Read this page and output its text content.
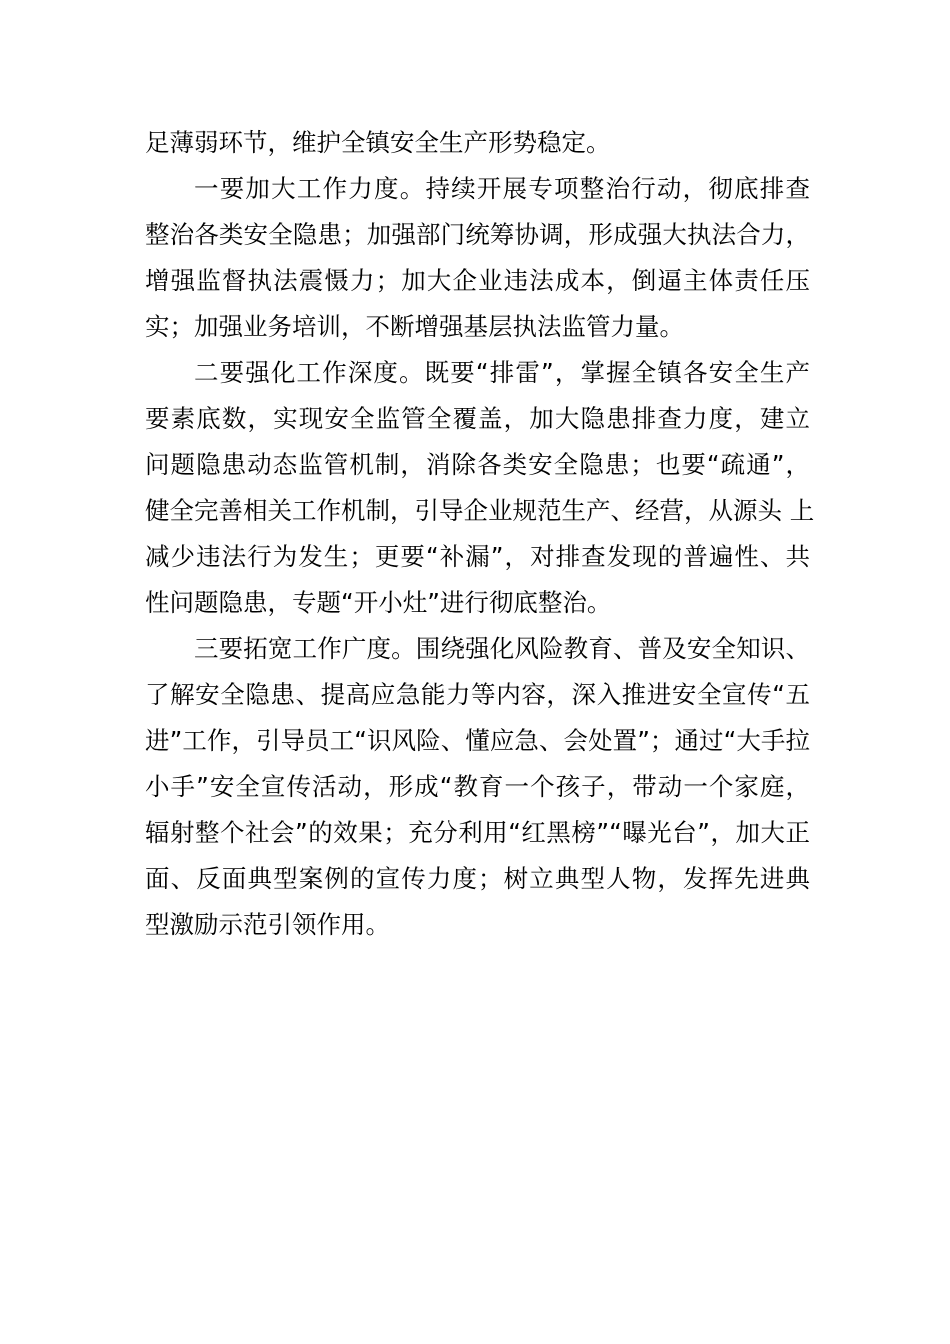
足薄弱环节，维护全镇安全生产形势稳定。
一要加大工作力度。持续开展专项整治行动，彻底排查
整治各类安全隐患；加强部门统筹协调，形成强大执法合力，
增强监督执法震慑力；加大企业违法成本，倒逼主体责任压
实；加强业务培训，不断增强基层执法监管力量。
二要强化工作深度。既要“排雷”，掌握全镇各安全生产
要素底数，实现安全监管全覆盖，加大隐患排查力度，建立
问题隐患动态监管机制，消除各类安全隐患；也要“疏通”，
健全完善相关工作机制，引导企业规范生产、经营，从源头 上
减少违法行为发生；更要“补漏”，对排查发现的普遍性、共
性问题隐患，专题“开小灶”进行彻底整治。
三要拓宽工作广度。围绕强化风险教育、普及安全知识、
了解安全隐患、提高应急能力等内容，深入推进安全宣传“五
进”工作，引导员工“识风险、懂应急、会处置”；通过“大手拉
小手”安全宣传活动，形成“教育一个孩子，带动一个家庭，
辐射整个社会”的效果；充分利用“红黑榜”“曝光台”，加大正
面、反面典型案例的宣传力度；树立典型人物，发挥先进典
型激励示范引领作用。
